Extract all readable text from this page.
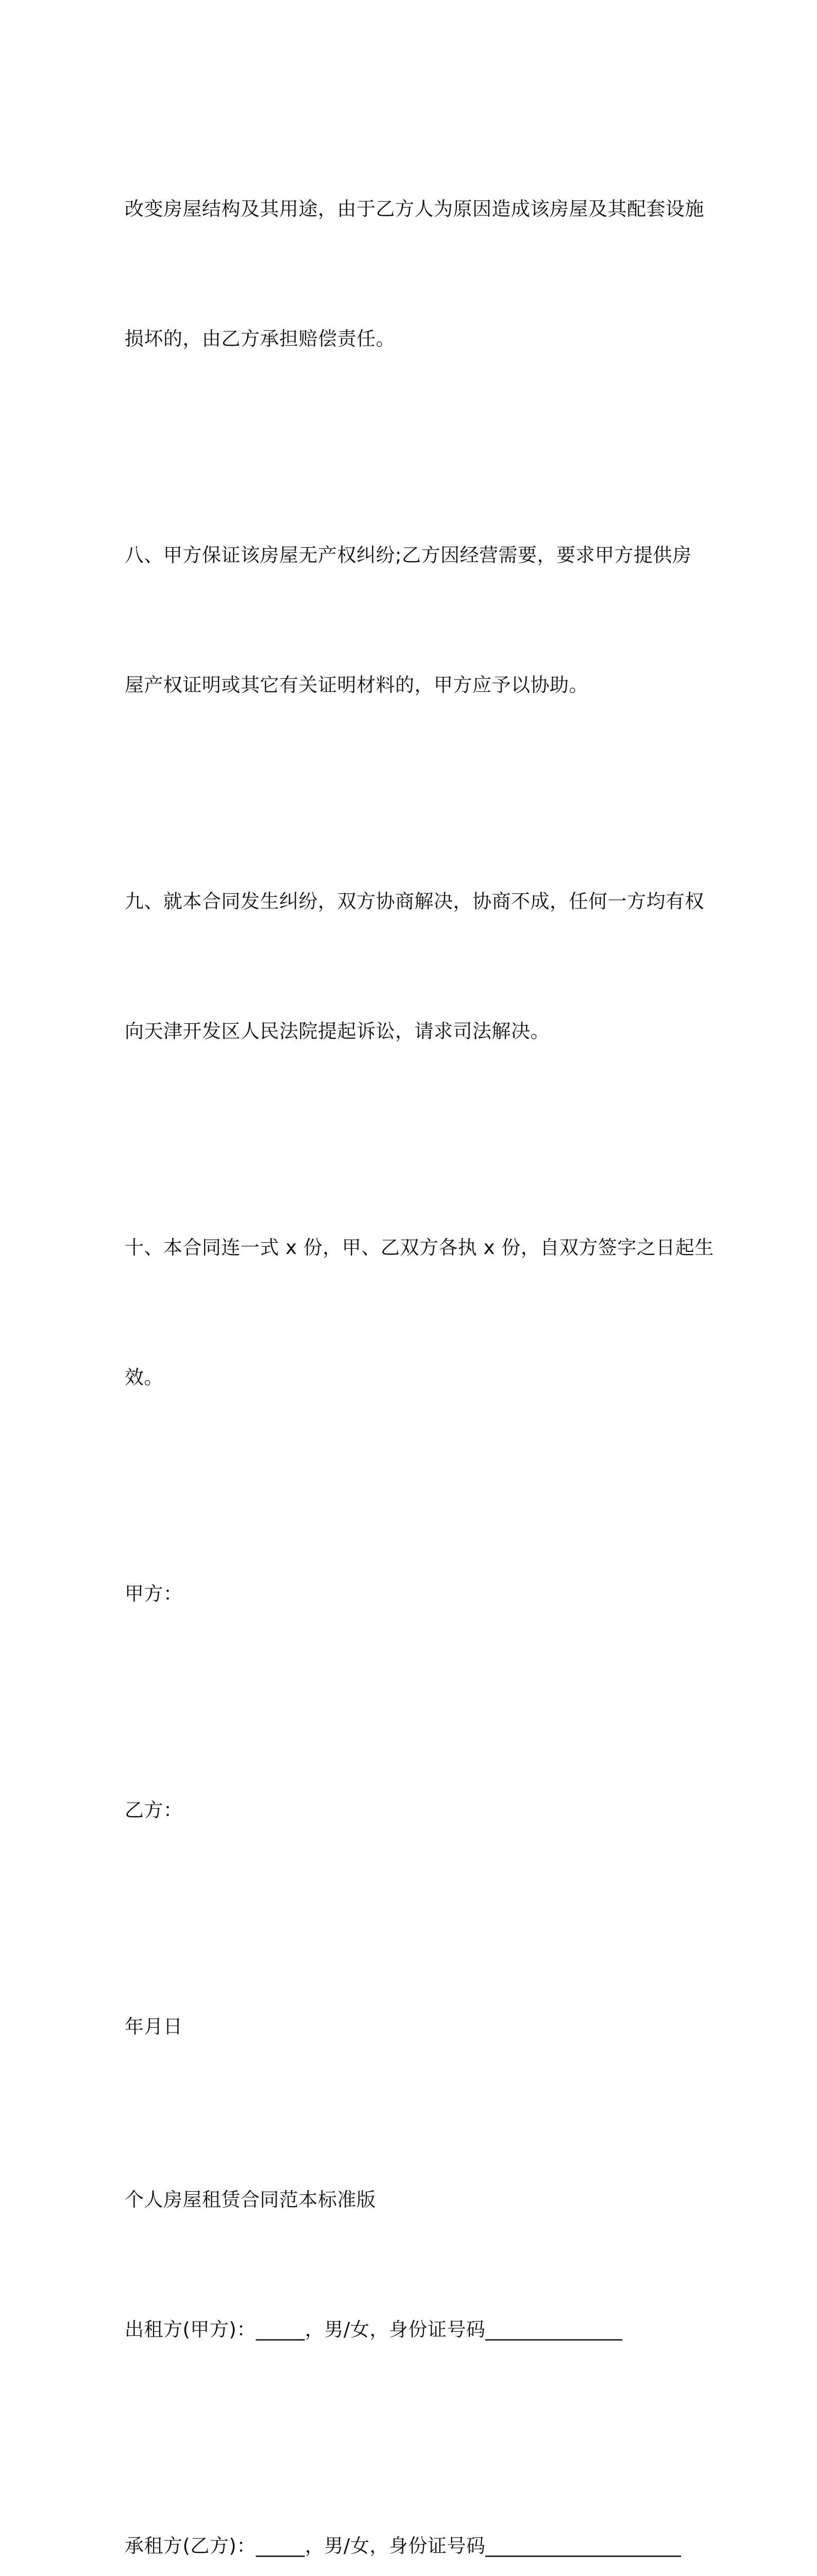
改变房屋结构及其用途，由于乙方人为原因造成该房屋及其配套设施

损坏的，由乙方承担赔偿责任。

八、甲方保证该房屋无产权纠纷;乙方因经营需要，要求甲方提供房

屋产权证明或其它有关证明材料的，甲方应予以协助。

九、就本合同发生纠纷，双方协商解决，协商不成，任何一方均有权

向天津开发区人民法院提起诉讼，请求司法解决。

十、本合同连一式 x 份，甲、乙双方各执 x 份，自双方签字之日起生

效。

甲方：

乙方：

年月日

个人房屋租赁合同范本标准版

出租方(甲方)：_____，男/女，身份证号码______________

承租方(乙方)：_____，男/女，身份证号码____________________
